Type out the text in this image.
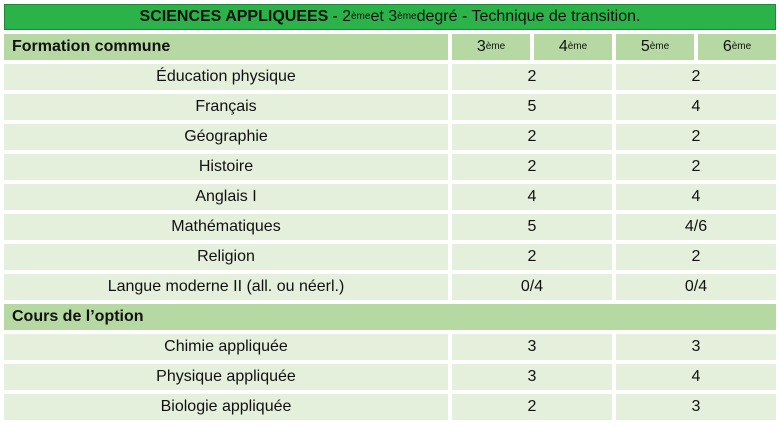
SCIENCES APPLIQUEES - 2 ème et 3 ème degré - Technique de transition.
Formation commune	3 ème	4 ème	5 ème	6 ème
Éducation physique	2	2
Français	5	4
Géographie	2	2
Histoire	2	2
Anglais I	4	4
Mathématiques	5	4/6
Religion	2	2
Langue moderne II (all. ou néerl.)	0/4	0/4
Cours de l’option
Chimie appliquée	3	3
Physique appliquée	3	4
Biologie appliquée	2	3
